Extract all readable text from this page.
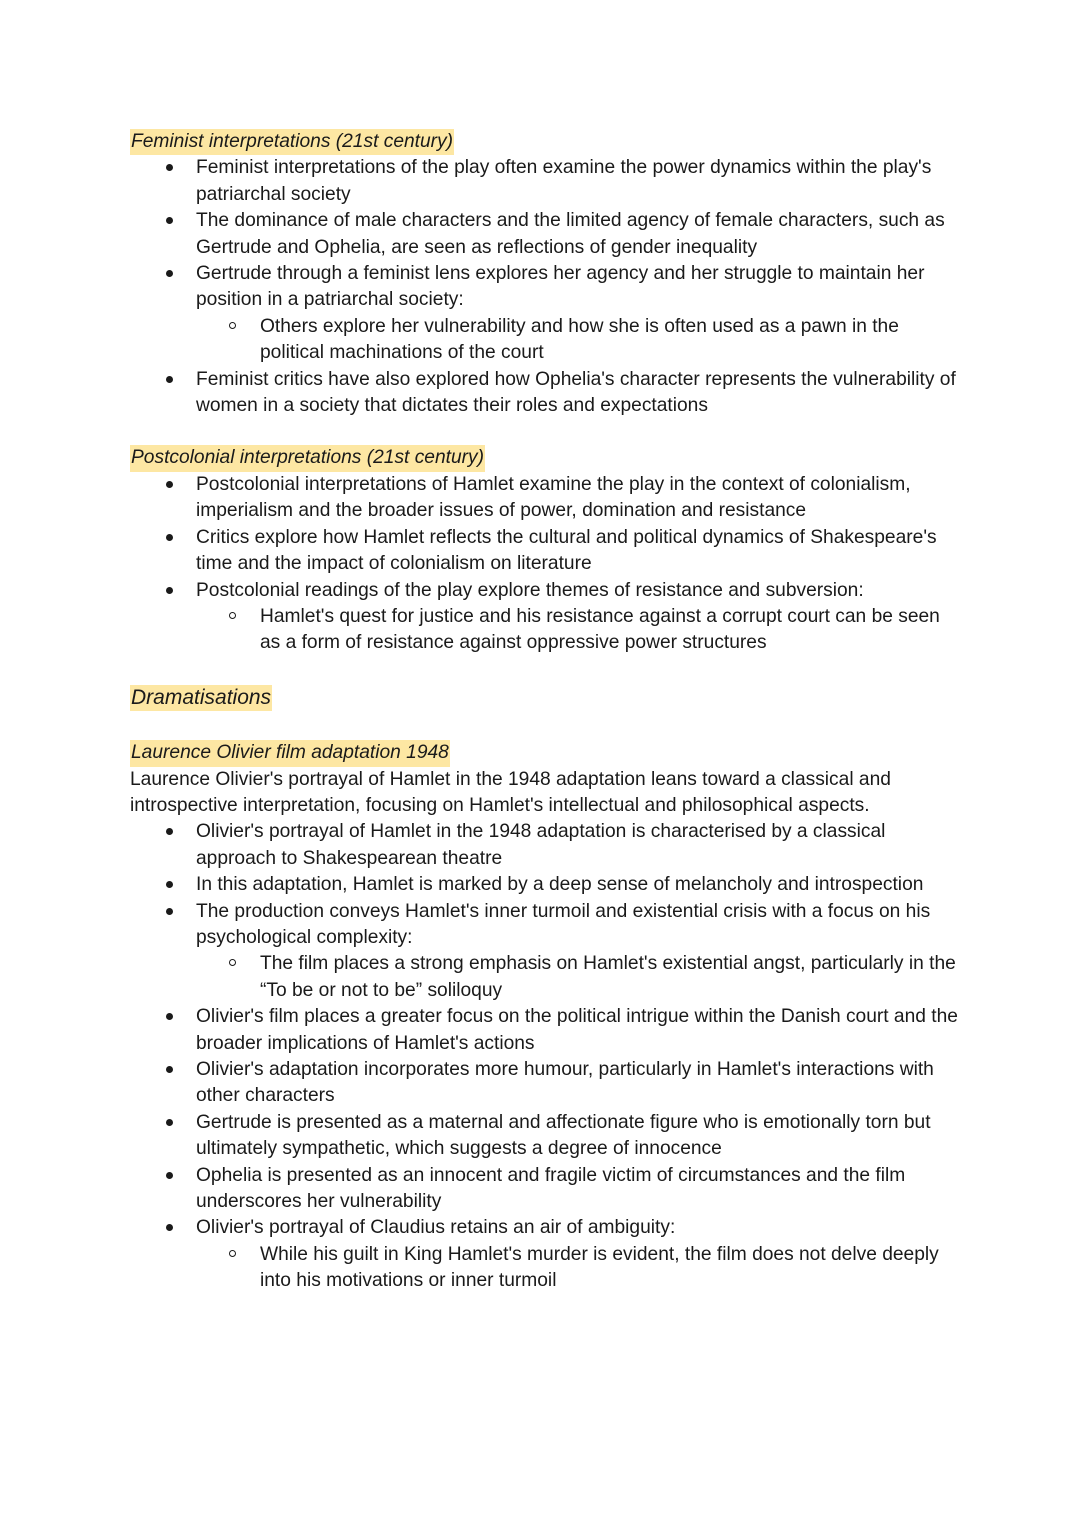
Feminist interpretations (21st century)
Feminist interpretations of the play often examine the power dynamics within the play's patriarchal society
The dominance of male characters and the limited agency of female characters, such as Gertrude and Ophelia, are seen as reflections of gender inequality
Gertrude through a feminist lens explores her agency and her struggle to maintain her position in a patriarchal society:
Others explore her vulnerability and how she is often used as a pawn in the political machinations of the court
Feminist critics have also explored how Ophelia's character represents the vulnerability of women in a society that dictates their roles and expectations
Postcolonial interpretations (21st century)
Postcolonial interpretations of Hamlet examine the play in the context of colonialism, imperialism and the broader issues of power, domination and resistance
Critics explore how Hamlet reflects the cultural and political dynamics of Shakespeare's time and the impact of colonialism on literature
Postcolonial readings of the play explore themes of resistance and subversion:
Hamlet's quest for justice and his resistance against a corrupt court can be seen as a form of resistance against oppressive power structures
Dramatisations
Laurence Olivier film adaptation 1948

Laurence Olivier's portrayal of Hamlet in the 1948 adaptation leans toward a classical and introspective interpretation, focusing on Hamlet's intellectual and philosophical aspects.

Olivier's portrayal of Hamlet in the 1948 adaptation is characterised by a classical approach to Shakespearean theatre
In this adaptation, Hamlet is marked by a deep sense of melancholy and introspection
The production conveys Hamlet's inner turmoil and existential crisis with a focus on his psychological complexity:
The film places a strong emphasis on Hamlet's existential angst, particularly in the “To be or not to be” soliloquy
Olivier's film places a greater focus on the political intrigue within the Danish court and the broader implications of Hamlet's actions
Olivier's adaptation incorporates more humour, particularly in Hamlet's interactions with other characters
Gertrude is presented as a maternal and affectionate figure who is emotionally torn but ultimately sympathetic, which suggests a degree of innocence
Ophelia is presented as an innocent and fragile victim of circumstances and the film underscores her vulnerability
Olivier's portrayal of Claudius retains an air of ambiguity:
While his guilt in King Hamlet's murder is evident, the film does not delve deeply into his motivations or inner turmoil
